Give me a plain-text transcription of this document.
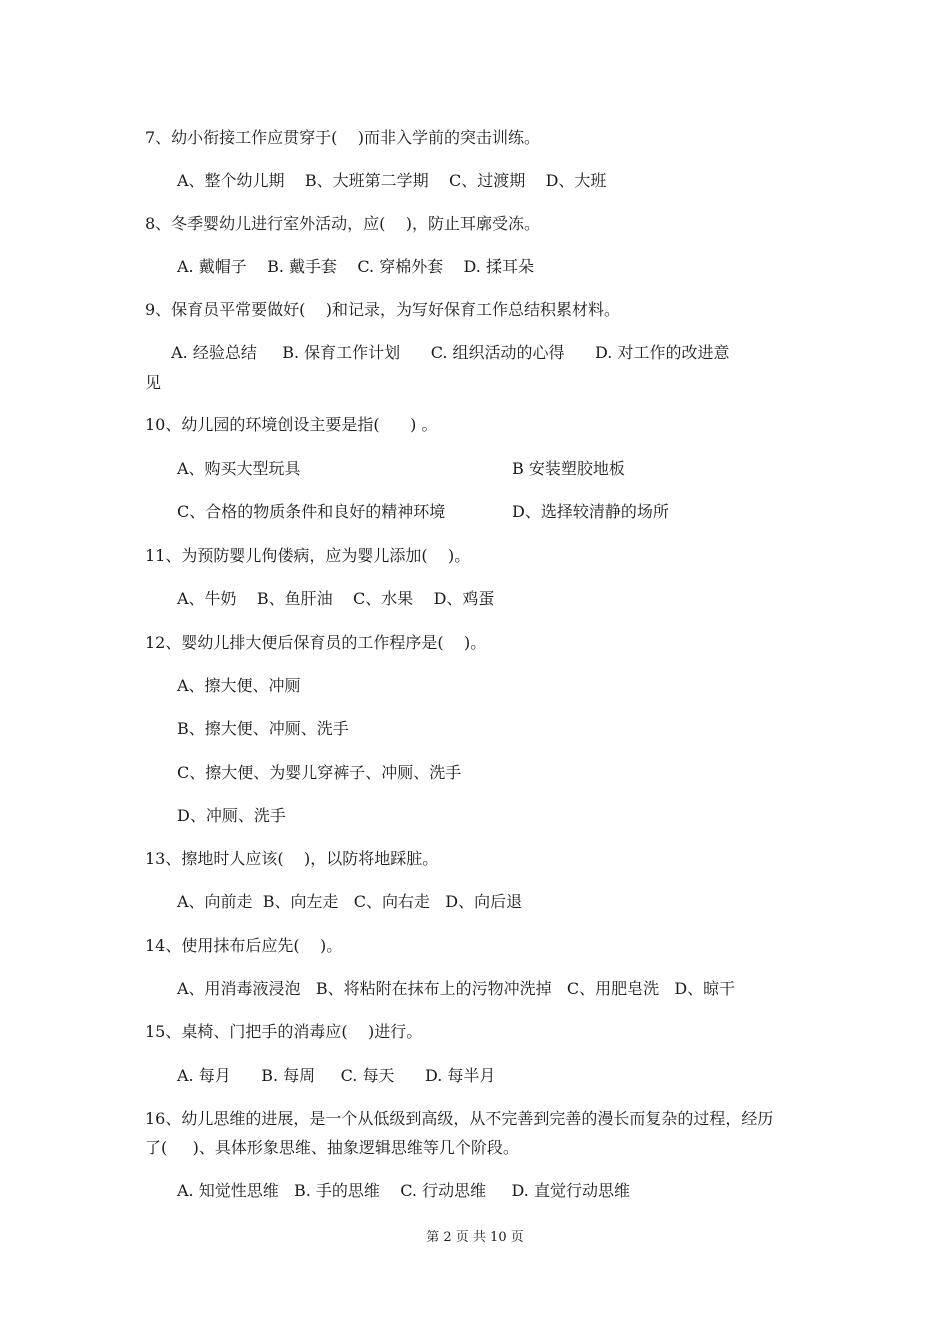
7、幼小衔接工作应贯穿于(    )而非入学前的突击训练。
A、整个幼儿期    B、大班第二学期    C、过渡期    D、大班
8、冬季婴幼儿进行室外活动，应(    )，防止耳廓受冻。
A. 戴帽子    B. 戴手套    C. 穿棉外套    D. 揉耳朵
9、保育员平常要做好(    )和记录，为写好保育工作总结积累材料。
A. 经验总结     B. 保育工作计划      C. 组织活动的心得      D. 对工作的改进意
见
10、幼儿园的环境创设主要是指(      ) 。
A、购买大型玩具	B 安装塑胶地板
C、合格的物质条件和良好的精神环境	D、选择较清静的场所
11、为预防婴儿佝偻病，应为婴儿添加(    )。
A、牛奶    B、鱼肝油    C、水果    D、鸡蛋
12、婴幼儿排大便后保育员的工作程序是(    )。
A、擦大便、冲厕
B、擦大便、冲厕、洗手
C、擦大便、为婴儿穿裤子、冲厕、洗手
D、冲厕、洗手
13、擦地时人应该(    )，以防将地踩脏。
A、向前走  B、向左走   C、向右走   D、向后退
14、使用抹布后应先(    )。
A、用消毒液浸泡   B、将粘附在抹布上的污物冲洗掉   C、用肥皂洗   D、晾干
15、桌椅、门把手的消毒应(    )进行。
A. 每月      B. 每周     C. 每天      D. 每半月
16、幼儿思维的进展，是一个从低级到高级，从不完善到完善的漫长而复杂的过程，经历
了(     )、具体形象思维、抽象逻辑思维等几个阶段。
A. 知觉性思维   B. 手的思维    C. 行动思维     D. 直觉行动思维
第 2 页 共 10 页
